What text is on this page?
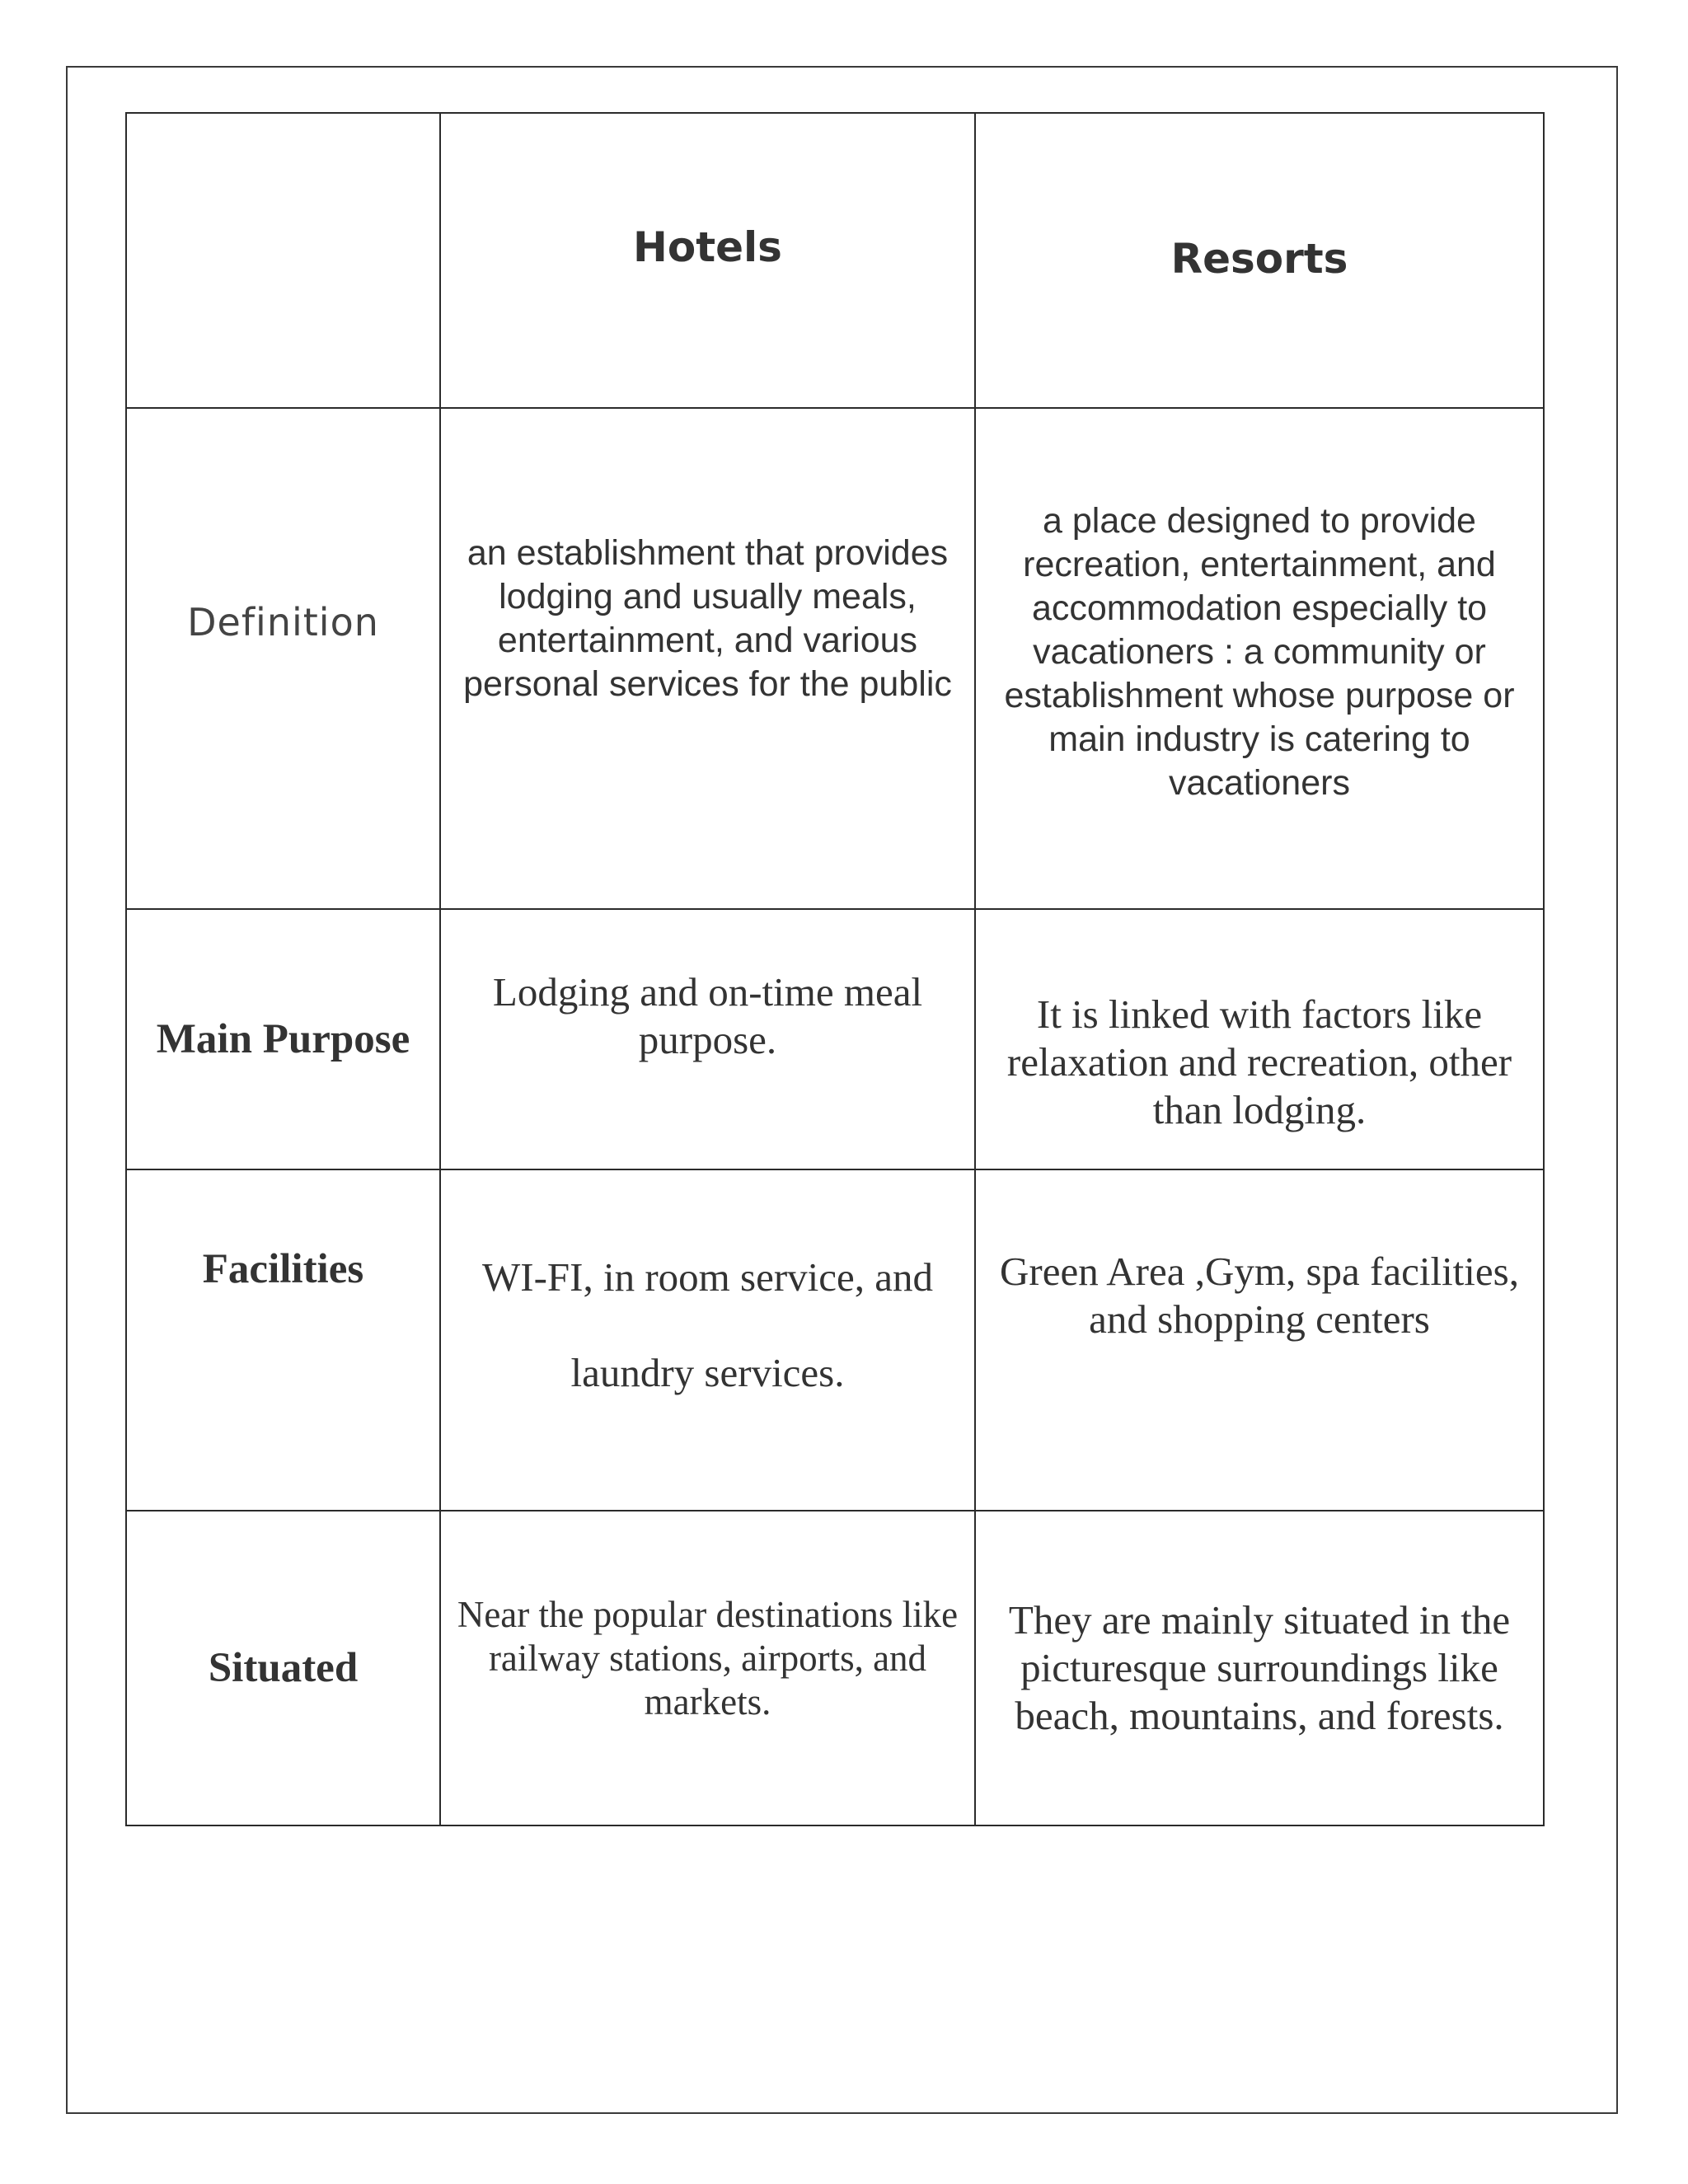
	Hotels	Resorts
Definition	an establishment that provides lodging and usually meals, entertainment, and various personal services for the public	a place designed to provide recreation, entertainment, and accommodation especially to vacationers : a community or establishment whose purpose or main industry is catering to vacationers
Main Purpose	Lodging and on-time meal purpose.	It is linked with factors like relaxation and recreation, other than lodging.
Facilities	WI-FI, in room service, and laundry services.	Green Area ,Gym, spa facilities, and shopping centers
Situated	Near the popular destinations like railway stations, airports, and markets.	They are mainly situated in the picturesque surroundings like beach, mountains, and forests.
